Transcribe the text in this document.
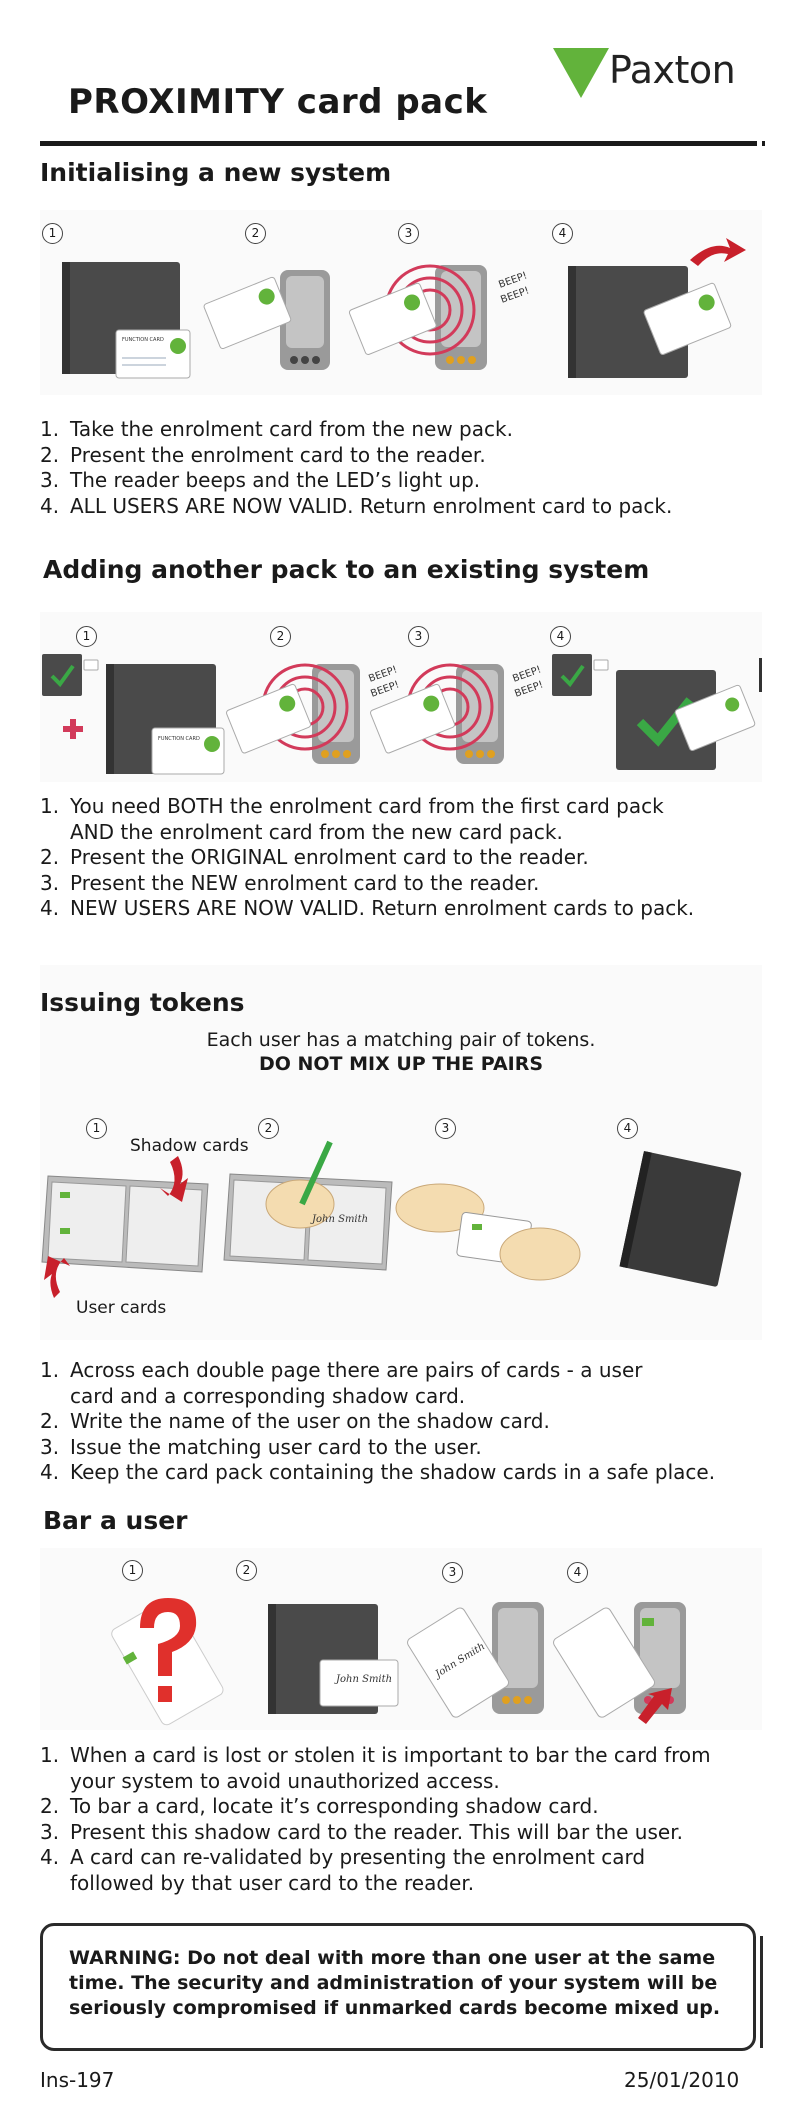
PROXIMITY card pack
Paxton
Initialising a new system
1	2	3	4
FUNCTION CARD
BEEP!
BEEP!
1. Take the enrolment card from the new pack.
2. Present the enrolment card to the reader.
3. The reader beeps and the LED’s light up.
4. ALL USERS ARE NOW VALID. Return enrolment card to pack.
Adding another pack to an existing system
1	2	3	4
FUNCTION CARD
BEEP!
BEEP!
BEEP!
BEEP!
1. You need BOTH the enrolment card from the first card pack
AND the enrolment card from the new card pack.
2. Present the ORIGINAL enrolment card to the reader.
3. Present the NEW enrolment card to the reader.
4. NEW USERS ARE NOW VALID. Return enrolment cards to pack.
Issuing tokens
Each user has a matching pair of tokens.
DO NOT MIX UP THE PAIRS
1	2	3	4
Shadow cards
User cards
John Smith
1. Across each double page there are pairs of cards - a user
card and a corresponding shadow card.
2. Write the name of the user on the shadow card.
3. Issue the matching user card to the user.
4. Keep the card pack containing the shadow cards in a safe place.
Bar a user
1	2	3	4
John Smith	John Smith
1. When a card is lost or stolen it is important to bar the card from
your system to avoid unauthorized access.
2. To bar a card, locate it’s corresponding shadow card.
3. Present this shadow card to the reader. This will bar the user.
4. A card can re-validated by presenting the enrolment card
followed by that user card to the reader.
WARNING: Do not deal with more than one user at the same time. The security and administration of your system will be seriously compromised if unmarked cards become mixed up.
Ins-197	25/01/2010
